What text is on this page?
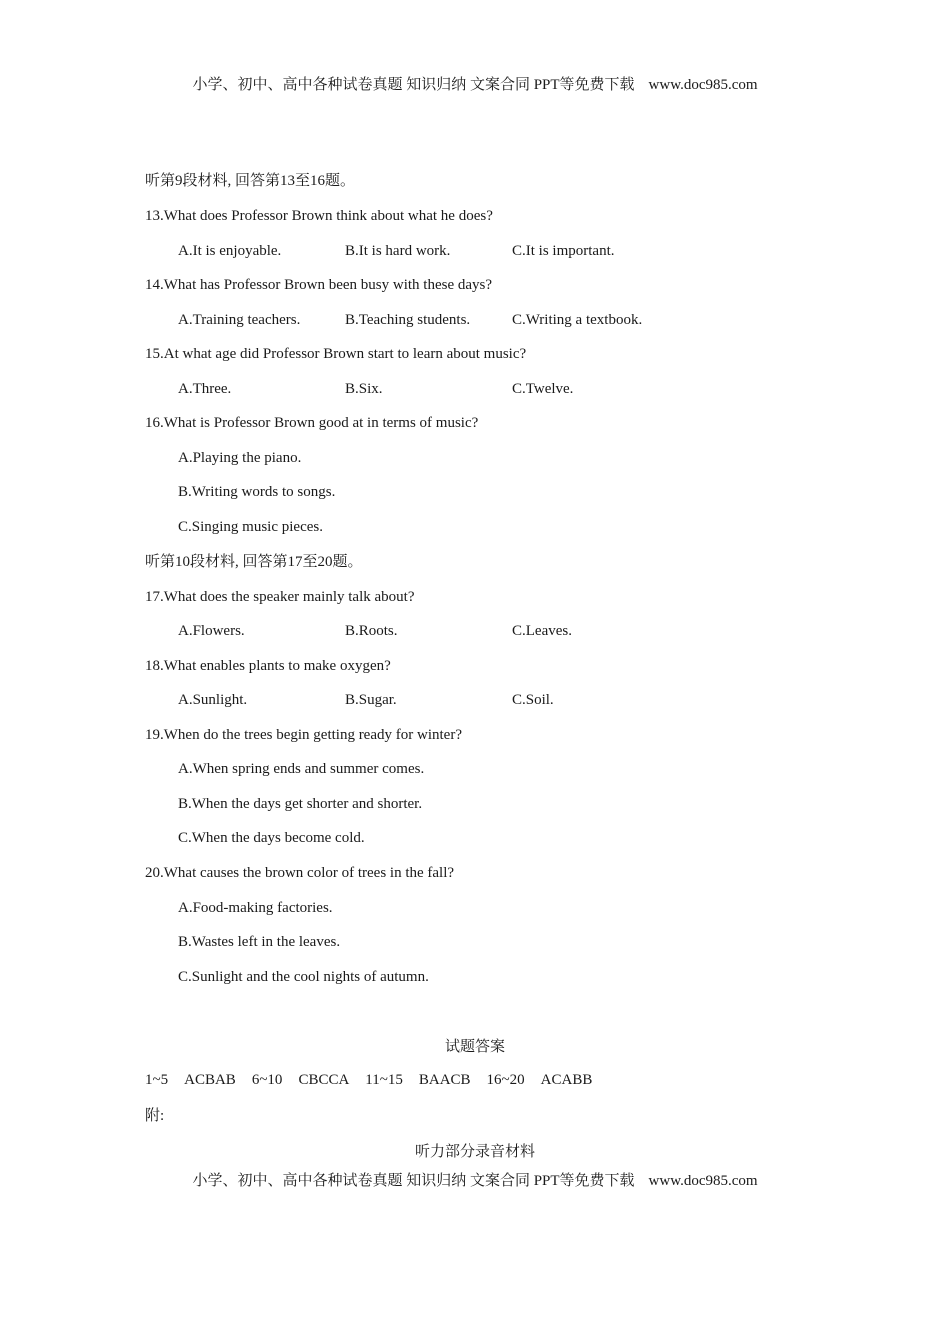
小学、初中、高中各种试卷真题 知识归纳 文案合同 PPT等免费下载 www.doc985.com
听第9段材料, 回答第13至16题。
13.What does Professor Brown think about what he does?
A.It is enjoyable.	B.It is hard work.	C.It is important.
14.What has Professor Brown been busy with these days?
A.Training teachers.	B.Teaching students.	C.Writing a textbook.
15.At what age did Professor Brown start to learn about music?
A.Three.	B.Six.	C.Twelve.
16.What is Professor Brown good at in terms of music?
A.Playing the piano.
B.Writing words to songs.
C.Singing music pieces.
听第10段材料, 回答第17至20题。
17.What does the speaker mainly talk about?
A.Flowers.	B.Roots.	C.Leaves.
18.What enables plants to make oxygen?
A.Sunlight.	B.Sugar.	C.Soil.
19.When do the trees begin getting ready for winter?
A.When spring ends and summer comes.
B.When the days get shorter and shorter.
C.When the days become cold.
20.What causes the brown color of trees in the fall?
A.Food-making factories.
B.Wastes left in the leaves.
C.Sunlight and the cool nights of autumn.
试题答案
1~5 ACBAB 6~10 CBCCA 11~15 BAACB 16~20 ACABB
附:
听力部分录音材料
小学、初中、高中各种试卷真题 知识归纳 文案合同 PPT等免费下载 www.doc985.com
